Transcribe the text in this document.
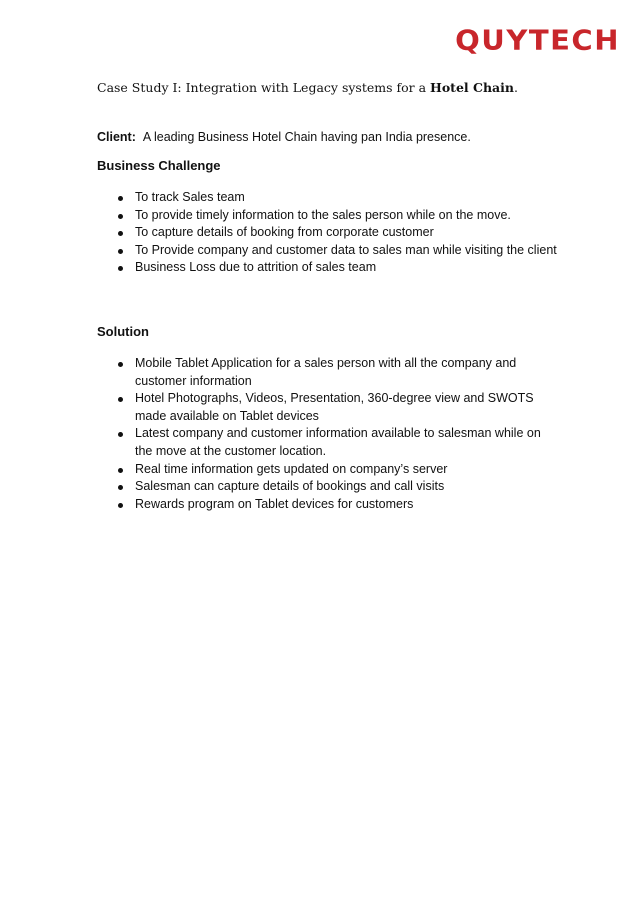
QUYTECH
Case Study I: Integration with Legacy systems for a Hotel Chain.
Client: A leading Business Hotel Chain having pan India presence.
Business Challenge
To track Sales team
To provide timely information to the sales person while on the move.
To capture details of booking from corporate customer
To Provide company and customer data to sales man while visiting the client
Business Loss due to attrition of sales team
Solution
Mobile Tablet Application for a sales person with all the company and customer information
Hotel Photographs, Videos, Presentation, 360-degree view and SWOTS made available on Tablet devices
Latest company and customer information available to salesman while on the move at the customer location.
Real time information gets updated on company’s server
Salesman can capture details of bookings and call visits
Rewards program on Tablet devices for customers
